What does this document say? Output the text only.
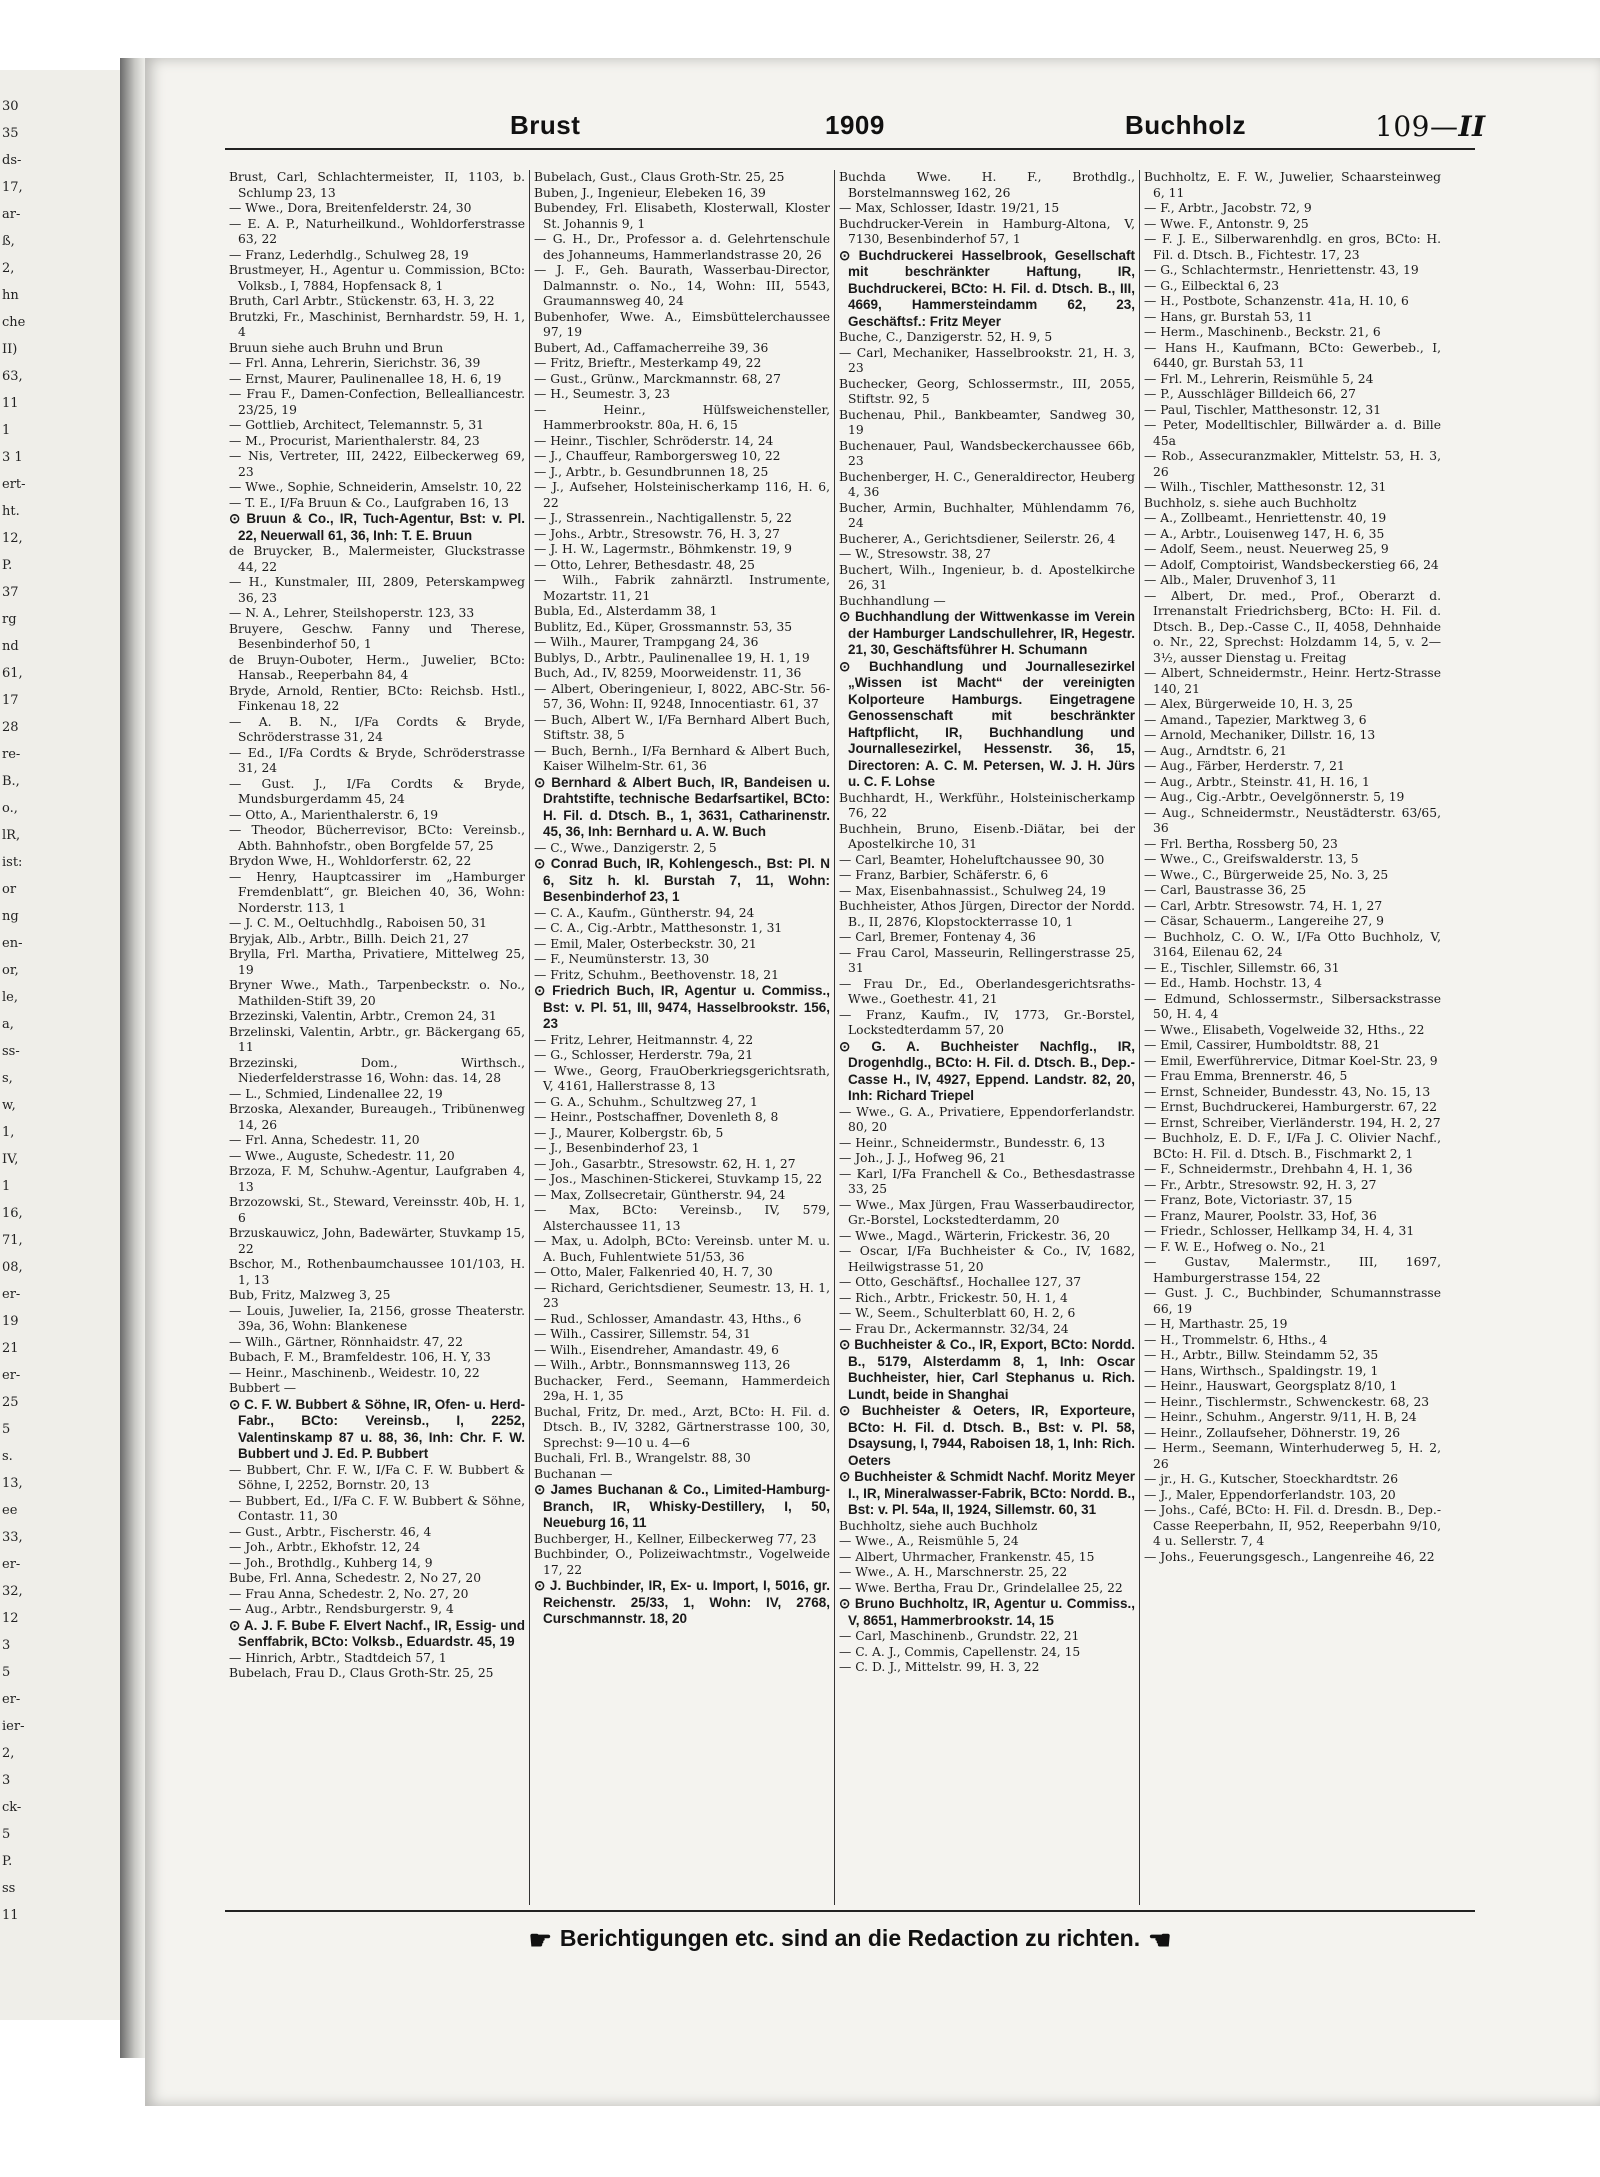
30
35
ds-
17,
ar-
ß,
2,
hn
che
II)
63,
11
1
3 1
ert-
ht.
12,
P.
37
rg
nd
61,
17
28
re-
B.,
o.,
lR,
ist:
or
ng
en-
or,
le,
a,
ss-
s,
w,
1,
IV,
1
16,
71,
08,
er-
19
21
er-
25
5
s.
13,
ee
33,
er-
32,
12
3
5
er-
ier-
2,
3
ck-
5
P.
ss
11
Brust	1909	Buchholz	109—II

Brust, Carl, Schlachtermeister, II, 1103, b. Schlump 23, 13

— Wwe., Dora, Breitenfelderstr. 24, 30

— E. A. P., Naturheilkund., Wohldorferstrasse 63, 22

— Franz, Lederhdlg., Schulweg 28, 19

Brustmeyer, H., Agentur u. Commission, BCto: Volksb., I, 7884, Hopfensack 8, 1

Bruth, Carl Arbtr., Stückenstr. 63, H. 3, 22

Brutzki, Fr., Maschinist, Bernhardstr. 59, H. 1, 4

Bruun siehe auch Bruhn und Brun

— Frl. Anna, Lehrerin, Sierichstr. 36, 39

— Ernst, Maurer, Paulinenallee 18, H. 6, 19

— Frau F., Damen-Confection, Bellealliancestr. 23/25, 19

— Gottlieb, Architect, Telemannstr. 5, 31

— M., Procurist, Marienthalerstr. 84, 23

— Nis, Vertreter, III, 2422, Eilbeckerweg 69, 23

— Wwe., Sophie, Schneiderin, Amselstr. 10, 22

— T. E., I/Fa Bruun & Co., Laufgraben 16, 13

⊙ Bruun & Co., IR, Tuch-Agentur, Bst: v. Pl. 22, Neuerwall 61, 36, Inh: T. E. Bruun

de Bruycker, B., Malermeister, Gluckstrasse 44, 22

— H., Kunstmaler, III, 2809, Peterskampweg 36, 23

— N. A., Lehrer, Steilshoperstr. 123, 33

Bruyere, Geschw. Fanny und Therese, Besenbinderhof 50, 1

de Bruyn-Ouboter, Herm., Juwelier, BCto: Hansab., Reeperbahn 84, 4

Bryde, Arnold, Rentier, BCto: Reichsb. Hstl., Finkenau 18, 22

— A. B. N., I/Fa Cordts & Bryde, Schröderstrasse 31, 24

— Ed., I/Fa Cordts & Bryde, Schröderstrasse 31, 24

— Gust. J., I/Fa Cordts & Bryde, Mundsburgerdamm 45, 24

— Otto, A., Marienthalerstr. 6, 19

— Theodor, Bücherrevisor, BCto: Vereinsb., Abth. Bahnhofstr., oben Borgfelde 57, 25

Brydon Wwe, H., Wohldorferstr. 62, 22

— Henry, Hauptcassirer im „Hamburger Fremdenblatt“, gr. Bleichen 40, 36, Wohn: Norderstr. 113, 1

— J. C. M., Oeltuchhdlg., Raboisen 50, 31

Bryjak, Alb., Arbtr., Billh. Deich 21, 27

Brylla, Frl. Martha, Privatiere, Mittelweg 25, 19

Bryner Wwe., Math., Tarpenbeckstr. o. No., Mathilden-Stift 39, 20

Brzezinski, Valentin, Arbtr., Cremon 24, 31

Brzelinski, Valentin, Arbtr., gr. Bäckergang 65, 11

Brzezinski, Dom., Wirthsch., Niederfelderstrasse 16, Wohn: das. 14, 28

— L., Schmied, Lindenallee 22, 19

Brzoska, Alexander, Bureaugeh., Tribünenweg 14, 26

— Frl. Anna, Schedestr. 11, 20

— Wwe., Auguste, Schedestr. 11, 20

Brzoza, F. M, Schuhw.-Agentur, Laufgraben 4, 13

Brzozowski, St., Steward, Vereinsstr. 40b, H. 1, 6

Brzuskauwicz, John, Badewärter, Stuvkamp 15, 22

Bschor, M., Rothenbaumchaussee 101/103, H. 1, 13

Bub, Fritz, Malzweg 3, 25

— Louis, Juwelier, Ia, 2156, grosse Theaterstr. 39a, 36, Wohn: Blankenese

— Wilh., Gärtner, Rönnhaidstr. 47, 22

Bubach, F. M., Bramfeldestr. 106, H. Y, 33

— Heinr., Maschinenb., Weidestr. 10, 22

Bubbert —

⊙ C. F. W. Bubbert & Söhne, IR, Ofen- u. Herd-Fabr., BCto: Vereinsb., I, 2252, Valentinskamp 87 u. 88, 36, Inh: Chr. F. W. Bubbert und J. Ed. P. Bubbert

— Bubbert, Chr. F. W., I/Fa C. F. W. Bubbert & Söhne, I, 2252, Bornstr. 20, 13

— Bubbert, Ed., I/Fa C. F. W. Bubbert & Söhne, Contastr. 11, 30

— Gust., Arbtr., Fischerstr. 46, 4

— Joh., Arbtr., Ekhofstr. 12, 24

— Joh., Brothdlg., Kuhberg 14, 9

Bube, Frl. Anna, Schedestr. 2, No 27, 20

— Frau Anna, Schedestr. 2, No. 27, 20

— Aug., Arbtr., Rendsburgerstr. 9, 4

⊙ A. J. F. Bube F. Elvert Nachf., IR, Essig- und Senffabrik, BCto: Volksb., Eduardstr. 45, 19

— Hinrich, Arbtr., Stadtdeich 57, 1

Bubelach, Frau D., Claus Groth-Str. 25, 25

Bubelach, Gust., Claus Groth-Str. 25, 25

Buben, J., Ingenieur, Elebeken 16, 39

Bubendey, Frl. Elisabeth, Klosterwall, Kloster St. Johannis 9, 1

— G. H., Dr., Professor a. d. Gelehrtenschule des Johanneums, Hammerlandstrasse 20, 26

— J. F., Geh. Baurath, Wasserbau-Director, Dalmannstr. o. No., 14, Wohn: III, 5543, Graumannsweg 40, 24

Bubenhofer, Wwe. A., Eimsbüttelerchaussee 97, 19

Bubert, Ad., Caffamacherreihe 39, 36

— Fritz, Brieftr., Mesterkamp 49, 22

— Gust., Grünw., Marckmannstr. 68, 27

— H., Seumestr. 3, 23

— Heinr., Hülfsweichensteller, Hammerbrookstr. 80a, H. 6, 15

— Heinr., Tischler, Schröderstr. 14, 24

— J., Chauffeur, Ramborgersweg 10, 22

— J., Arbtr., b. Gesundbrunnen 18, 25

— J., Aufseher, Holsteinischerkamp 116, H. 6, 22

— J., Strassenrein., Nachtigallenstr. 5, 22

— Johs., Arbtr., Stresowstr. 76, H. 3, 27

— J. H. W., Lagermstr., Böhmkenstr. 19, 9

— Otto, Lehrer, Bethesdastr. 48, 25

— Wilh., Fabrik zahnärztl. Instrumente, Mozartstr. 11, 21

Bubla, Ed., Alsterdamm 38, 1

Bublitz, Ed., Küper, Grossmannstr. 53, 35

— Wilh., Maurer, Trampgang 24, 36

Bublys, D., Arbtr., Paulinenallee 19, H. 1, 19

Buch, Ad., IV, 8259, Moorweidenstr. 11, 36

— Albert, Oberingenieur, I, 8022, ABC-Str. 56-57, 36, Wohn: II, 9248, Innocentiastr. 61, 37

— Buch, Albert W., I/Fa Bernhard Albert Buch, Stiftstr. 38, 5

— Buch, Bernh., I/Fa Bernhard & Albert Buch, Kaiser Wilhelm-Str. 61, 36

⊙ Bernhard & Albert Buch, IR, Bandeisen u. Drahtstifte, technische Bedarfsartikel, BCto: H. Fil. d. Dtsch. B., 1, 3631, Catharinenstr. 45, 36, Inh: Bernhard u. A. W. Buch

— C., Wwe., Danzigerstr. 2, 5

⊙ Conrad Buch, IR, Kohlengesch., Bst: Pl. N 6, Sitz h. kl. Burstah 7, 11, Wohn: Besenbinderhof 23, 1

— C. A., Kaufm., Güntherstr. 94, 24

— C. A., Cig.-Arbtr., Matthesonstr. 1, 31

— Emil, Maler, Osterbeckstr. 30, 21

— F., Neumünsterstr. 13, 30

— Fritz, Schuhm., Beethovenstr. 18, 21

⊙ Friedrich Buch, IR, Agentur u. Commiss., Bst: v. Pl. 51, III, 9474, Hasselbrookstr. 156, 23

— Fritz, Lehrer, Heitmannstr. 4, 22

— G., Schlosser, Herderstr. 79a, 21

— Wwe., Georg, FrauOberkriegsgerichtsrath, V, 4161, Hallerstrasse 8, 13

— G. A., Schuhm., Schultzweg 27, 1

— Heinr., Postschaffner, Dovenleth 8, 8

— J., Maurer, Kolbergstr. 6b, 5

— J., Besenbinderhof 23, 1

— Joh., Gasarbtr., Stresowstr. 62, H. 1, 27

— Jos., Maschinen-Stickerei, Stuvkamp 15, 22

— Max, Zollsecretair, Güntherstr. 94, 24

— Max, BCto: Vereinsb., IV, 579, Alsterchaussee 11, 13

— Max, u. Adolph, BCto: Vereinsb. unter M. u. A. Buch, Fuhlentwiete 51/53, 36

— Otto, Maler, Falkenried 40, H. 7, 30

— Richard, Gerichtsdiener, Seumestr. 13, H. 1, 23

— Rud., Schlosser, Amandastr. 43, Hths., 6

— Wilh., Cassirer, Sillemstr. 54, 31

— Wilh., Eisendreher, Amandastr. 49, 6

— Wilh., Arbtr., Bonnsmannsweg 113, 26

Buchacker, Ferd., Seemann, Hammerdeich 29a, H. 1, 35

Buchal, Fritz, Dr. med., Arzt, BCto: H. Fil. d. Dtsch. B., IV, 3282, Gärtnerstrasse 100, 30, Sprechst: 9—10 u. 4—6

Buchali, Frl. B., Wrangelstr. 88, 30

Buchanan —

⊙ James Buchanan & Co., Limited-Hamburg-Branch, IR, Whisky-Destillery, I, 50, Neueburg 16, 11

Buchberger, H., Kellner, Eilbeckerweg 77, 23

Buchbinder, O., Polizeiwachtmstr., Vogelweide 17, 22

⊙ J. Buchbinder, IR, Ex- u. Import, I, 5016, gr. Reichenstr. 25/33, 1, Wohn: IV, 2768, Curschmannstr. 18, 20

Buchda Wwe. H. F., Brothdlg., Borstelmannsweg 162, 26

— Max, Schlosser, Idastr. 19/21, 15

Buchdrucker-Verein in Hamburg-Altona, V, 7130, Besenbinderhof 57, 1

⊙ Buchdruckerei Hasselbrook, Gesellschaft mit beschränkter Haftung, IR, Buchdruckerei, BCto: H. Fil. d. Dtsch. B., III, 4669, Hammersteindamm 62, 23, Geschäftsf.: Fritz Meyer

Buche, C., Danzigerstr. 52, H. 9, 5

— Carl, Mechaniker, Hasselbrookstr. 21, H. 3, 23

Buchecker, Georg, Schlossermstr., III, 2055, Stiftstr. 92, 5

Buchenau, Phil., Bankbeamter, Sandweg 30, 19

Buchenauer, Paul, Wandsbeckerchaussee 66b, 23

Buchenberger, H. C., Generaldirector, Heuberg 4, 36

Bucher, Armin, Buchhalter, Mühlendamm 76, 24

Bucherer, A., Gerichtsdiener, Seilerstr. 26, 4

— W., Stresowstr. 38, 27

Buchert, Wilh., Ingenieur, b. d. Apostelkirche 26, 31

Buchhandlung —

⊙ Buchhandlung der Wittwenkasse im Verein der Hamburger Landschullehrer, IR, Hegestr. 21, 30, Geschäftsführer H. Schumann

⊙ Buchhandlung und Journallesezirkel „Wissen ist Macht“ der vereinigten Kolporteure Hamburgs. Eingetragene Genossenschaft mit beschränkter Haftpflicht, IR, Buchhandlung und Journallesezirkel, Hessenstr. 36, 15, Directoren: A. C. M. Petersen, W. J. H. Jürs u. C. F. Lohse

Buchhardt, H., Werkführ., Holsteinischerkamp 76, 22

Buchhein, Bruno, Eisenb.-Diätar, bei der Apostelkirche 10, 31

— Carl, Beamter, Hoheluftchaussee 90, 30

— Franz, Barbier, Schäferstr. 6, 6

— Max, Eisenbahnassist., Schulweg 24, 19

Buchheister, Athos Jürgen, Director der Nordd. B., II, 2876, Klopstockterrasse 10, 1

— Carl, Bremer, Fontenay 4, 36

— Frau Carol, Masseurin, Rellingerstrasse 25, 31

— Frau Dr., Ed., Oberlandesgerichtsraths-Wwe., Goethestr. 41, 21

— Franz, Kaufm., IV, 1773, Gr.-Borstel, Lockstedterdamm 57, 20

⊙ G. A. Buchheister Nachflg., IR, Drogenhdlg., BCto: H. Fil. d. Dtsch. B., Dep.-Casse H., IV, 4927, Eppend. Landstr. 82, 20, Inh: Richard Triepel

— Wwe., G. A., Privatiere, Eppendorferlandstr. 80, 20

— Heinr., Schneidermstr., Bundesstr. 6, 13

— Joh., J. J., Hofweg 96, 21

— Karl, I/Fa Franchell & Co., Bethesdastrasse 33, 25

— Wwe., Max Jürgen, Frau Wasserbaudirector, Gr.-Borstel, Lockstedterdamm, 20

— Wwe., Magd., Wärterin, Frickestr. 36, 20

— Oscar, I/Fa Buchheister & Co., IV, 1682, Heilwigstrasse 51, 20

— Otto, Geschäftsf., Hochallee 127, 37

— Rich., Arbtr., Frickestr. 50, H. 1, 4

— W., Seem., Schulterblatt 60, H. 2, 6

— Frau Dr., Ackermannstr. 32/34, 24

⊙ Buchheister & Co., IR, Export, BCto: Nordd. B., 5179, Alsterdamm 8, 1, Inh: Oscar Buchheister, hier, Carl Stephanus u. Rich. Lundt, beide in Shanghai

⊙ Buchheister & Oeters, IR, Exporteure, BCto: H. Fil. d. Dtsch. B., Bst: v. Pl. 58, Dsaysung, I, 7944, Raboisen 18, 1, Inh: Rich. Oeters

⊙ Buchheister & Schmidt Nachf. Moritz Meyer I., IR, Mineralwasser-Fabrik, BCto: Nordd. B., Bst: v. Pl. 54a, II, 1924, Sillemstr. 60, 31

Buchholtz, siehe auch Buchholz

— Wwe., A., Reismühle 5, 24

— Albert, Uhrmacher, Frankenstr. 45, 15

— Wwe., A. H., Marschnerstr. 25, 22

— Wwe. Bertha, Frau Dr., Grindelallee 25, 22

⊙ Bruno Buchholtz, IR, Agentur u. Commiss., V, 8651, Hammerbrookstr. 14, 15

— Carl, Maschinenb., Grundstr. 22, 21

— C. A. J., Commis, Capellenstr. 24, 15

— C. D. J., Mittelstr. 99, H. 3, 22

Buchholtz, E. F. W., Juwelier, Schaarsteinweg 6, 11

— F., Arbtr., Jacobstr. 72, 9

— Wwe. F., Antonstr. 9, 25

— F. J. E., Silberwarenhdlg. en gros, BCto: H. Fil. d. Dtsch. B., Fichtestr. 17, 23

— G., Schlachtermstr., Henriettenstr. 43, 19

— G., Eilbecktal 6, 23

— H., Postbote, Schanzenstr. 41a, H. 10, 6

— Hans, gr. Burstah 53, 11

— Herm., Maschinenb., Beckstr. 21, 6

— Hans H., Kaufmann, BCto: Gewerbeb., I, 6440, gr. Burstah 53, 11

— Frl. M., Lehrerin, Reismühle 5, 24

— P., Ausschläger Billdeich 66, 27

— Paul, Tischler, Matthesonstr. 12, 31

— Peter, Modelltischler, Billwärder a. d. Bille 45a

— Rob., Assecuranzmakler, Mittelstr. 53, H. 3, 26

— Wilh., Tischler, Matthesonstr. 12, 31

Buchholz, s. siehe auch Buchholtz

— A., Zollbeamt., Henriettenstr. 40, 19

— A., Arbtr., Louisenweg 147, H. 6, 35

— Adolf, Seem., neust. Neuerweg 25, 9

— Adolf, Comptoirist, Wandsbeckerstieg 66, 24

— Alb., Maler, Druvenhof 3, 11

— Albert, Dr. med., Prof., Oberarzt d. Irrenanstalt Friedrichsberg, BCto: H. Fil. d. Dtsch. B., Dep.-Casse C., II, 4058, Dehnhaide o. Nr., 22, Sprechst: Holzdamm 14, 5, v. 2—3½, ausser Dienstag u. Freitag

— Albert, Schneidermstr., Heinr. Hertz-Strasse 140, 21

— Alex, Bürgerweide 10, H. 3, 25

— Amand., Tapezier, Marktweg 3, 6

— Arnold, Mechaniker, Dillstr. 16, 13

— Aug., Arndtstr. 6, 21

— Aug., Färber, Herderstr. 7, 21

— Aug., Arbtr., Steinstr. 41, H. 16, 1

— Aug., Cig.-Arbtr., Oevelgönnerstr. 5, 19

— Aug., Schneidermstr., Neustädterstr. 63/65, 36

— Frl. Bertha, Rossberg 50, 23

— Wwe., C., Greifswalderstr. 13, 5

— Wwe., C., Bürgerweide 25, No. 3, 25

— Carl, Baustrasse 36, 25

— Carl, Arbtr. Stresowstr. 74, H. 1, 27

— Cäsar, Schauerm., Langereihe 27, 9

— Buchholz, C. O. W., I/Fa Otto Buchholz, V, 3164, Eilenau 62, 24

— E., Tischler, Sillemstr. 66, 31

— Ed., Hamb. Hochstr. 13, 4

— Edmund, Schlossermstr., Silbersackstrasse 50, H. 4, 4

— Wwe., Elisabeth, Vogelweide 32, Hths., 22

— Emil, Cassirer, Humboldtstr. 88, 21

— Emil, Ewerführervice, Ditmar Koel-Str. 23, 9

— Frau Emma, Brennerstr. 46, 5

— Ernst, Schneider, Bundesstr. 43, No. 15, 13

— Ernst, Buchdruckerei, Hamburgerstr. 67, 22

— Ernst, Schreiber, Vierländerstr. 194, H. 2, 27

— Buchholz, E. D. F., I/Fa J. C. Olivier Nachf., BCto: H. Fil. d. Dtsch. B., Fischmarkt 2, 1

— F., Schneidermstr., Drehbahn 4, H. 1, 36

— Fr., Arbtr., Stresowstr. 92, H. 3, 27

— Franz, Bote, Victoriastr. 37, 15

— Franz, Maurer, Poolstr. 33, Hof, 36

— Friedr., Schlosser, Hellkamp 34, H. 4, 31

— F. W. E., Hofweg o. No., 21

— Gustav, Malermstr., III, 1697, Hamburgerstrasse 154, 22

— Gust. J. C., Buchbinder, Schumannstrasse 66, 19

— H, Marthastr. 25, 19

— H., Trommelstr. 6, Hths., 4

— H., Arbtr., Billw. Steindamm 52, 35

— Hans, Wirthsch., Spaldingstr. 19, 1

— Heinr., Hauswart, Georgsplatz 8/10, 1

— Heinr., Tischlermstr., Schwenckestr. 68, 23

— Heinr., Schuhm., Angerstr. 9/11, H. B, 24

— Heinr., Zollaufseher, Döhnerstr. 19, 26

— Herm., Seemann, Winterhuderweg 5, H. 2, 26

— jr., H. G., Kutscher, Stoeckhardtstr. 26

— J., Maler, Eppendorferlandstr. 103, 20

— Johs., Café, BCto: H. Fil. d. Dresdn. B., Dep.-Casse Reeperbahn, II, 952, Reeperbahn 9/10, 4 u. Sellerstr. 7, 4

— Johs., Feuerungsgesch., Langenreihe 46, 22

☛ Berichtigungen etc. sind an die Redaction zu richten. ☚
